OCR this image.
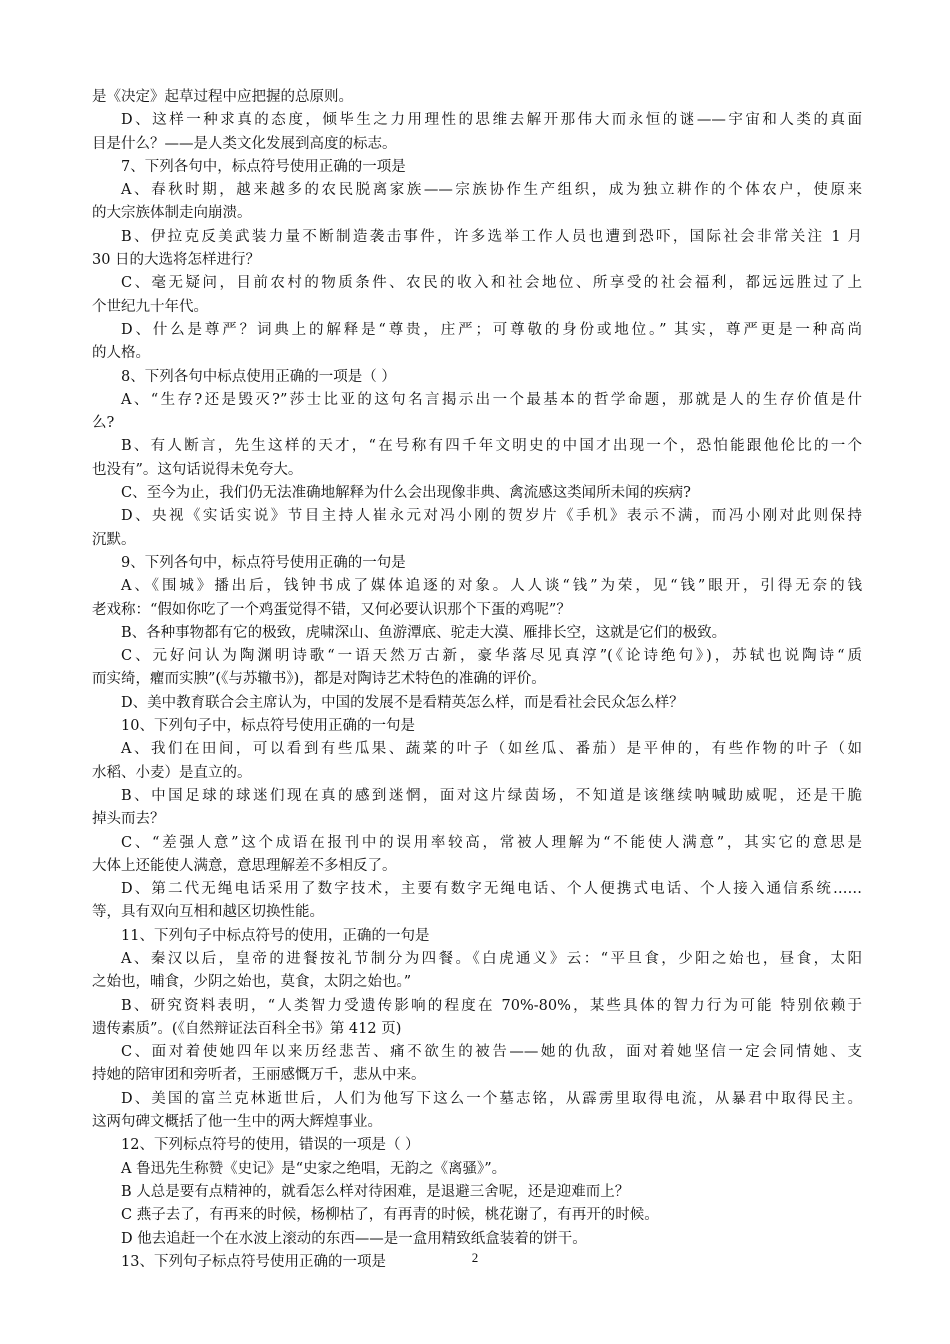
是《决定》起草过程中应把握的总原则。
D、这样一种求真的态度，倾毕生之力用理性的思维去解开那伟大而永恒的谜——宇宙和人类的真面
目是什么？——是人类文化发展到高度的标志。
7、下列各句中，标点符号使用正确的一项是
A、春秋时期，越来越多的农民脱离家族——宗族协作生产组织，成为独立耕作的个体农户，使原来
的大宗族体制走向崩溃。
B、伊拉克反美武装力量不断制造袭击事件，许多选举工作人员也遭到恐吓，国际社会非常关注 1 月
30 日的大选将怎样进行？
C、毫无疑问，目前农村的物质条件、农民的收入和社会地位、所享受的社会福利，都远远胜过了上
个世纪九十年代。
D、什么是尊严？词典上的解释是“尊贵，庄严；可尊敬的身份或地位。” 其实，尊严更是一种高尚
的人格。
8、下列各句中标点使用正确的一项是（ ）
A、“生存?还是毁灭?”莎士比亚的这句名言揭示出一个最基本的哲学命题，那就是人的生存价值是什
么?
B、有人断言，先生这样的天才，“在号称有四千年文明史的中国才出现一个，恐怕能跟他伦比的一个
也没有”。这句话说得未免夸大。
C、至今为止，我们仍无法准确地解释为什么会出现像非典、禽流感这类闻所未闻的疾病?
D、央视《实话实说》节目主持人崔永元对冯小刚的贺岁片《手机》表示不满，而冯小刚对此则保持
沉默。
9、下列各句中，标点符号使用正确的一句是
A、《围城》播出后，钱钟书成了媒体追逐的对象。人人谈“钱”为荣，见“钱”眼开，引得无奈的钱
老戏称：“假如你吃了一个鸡蛋觉得不错，又何必要认识那个下蛋的鸡呢”？
B、各种事物都有它的极致，虎啸深山、鱼游潭底、驼走大漠、雁排长空，这就是它们的极致。
C、元好问认为陶渊明诗歌“一语天然万古新，豪华落尽见真淳”(《论诗绝句》)，苏轼也说陶诗“质
而实绮，癯而实腴”(《与苏辙书》)，都是对陶诗艺术特色的准确的评价。
D、美中教育联合会主席认为，中国的发展不是看精英怎么样，而是看社会民众怎么样？
10、下列句子中，标点符号使用正确的一句是
A、我们在田间，可以看到有些瓜果、蔬菜的叶子（如丝瓜、番茄）是平伸的，有些作物的叶子（如
水稻、小麦）是直立的。
B、中国足球的球迷们现在真的感到迷惘，面对这片绿茵场，不知道是该继续呐喊助威呢，还是干脆
掉头而去？
C、“差强人意”这个成语在报刊中的误用率较高，常被人理解为“不能使人满意”，其实它的意思是
大体上还能使人满意，意思理解差不多相反了。
D、第二代无绳电话采用了数字技术，主要有数字无绳电话、个人便携式电话、个人接入通信系统……
等，具有双向互相和越区切换性能。
11、下列句子中标点符号的使用，正确的一句是
A、秦汉以后，皇帝的进餐按礼节制分为四餐。《白虎通义》云：“平旦食，少阳之始也，昼食，太阳
之始也，晡食，少阴之始也，莫食，太阴之始也。”
B、研究资料表明，“人类智力受遗传影响的程度在 70%-80%，某些具体的智力行为可能 特别依赖于
遗传素质”。(《自然辩证法百科全书》第 412 页)
C、面对着使她四年以来历经悲苦、痛不欲生的被告——她的仇敌，面对着她坚信一定会同情她、支
持她的陪审团和旁听者，王丽感慨万千，悲从中来。
D、美国的富兰克林逝世后，人们为他写下这么一个墓志铭，从霹雳里取得电流，从暴君中取得民主。
这两句碑文概括了他一生中的两大辉煌事业。
12、下列标点符号的使用，错误的一项是（ ）
A 鲁迅先生称赞《史记》是“史家之绝唱，无韵之《离骚》”。
B 人总是要有点精神的，就看怎么样对待困难，是退避三舍呢，还是迎难而上？
C 燕子去了，有再来的时候，杨柳枯了，有再青的时候，桃花谢了，有再开的时候。
D 他去追赶一个在水波上滚动的东西——是一盒用精致纸盒装着的饼干。
13、下列句子标点符号使用正确的一项是	2
